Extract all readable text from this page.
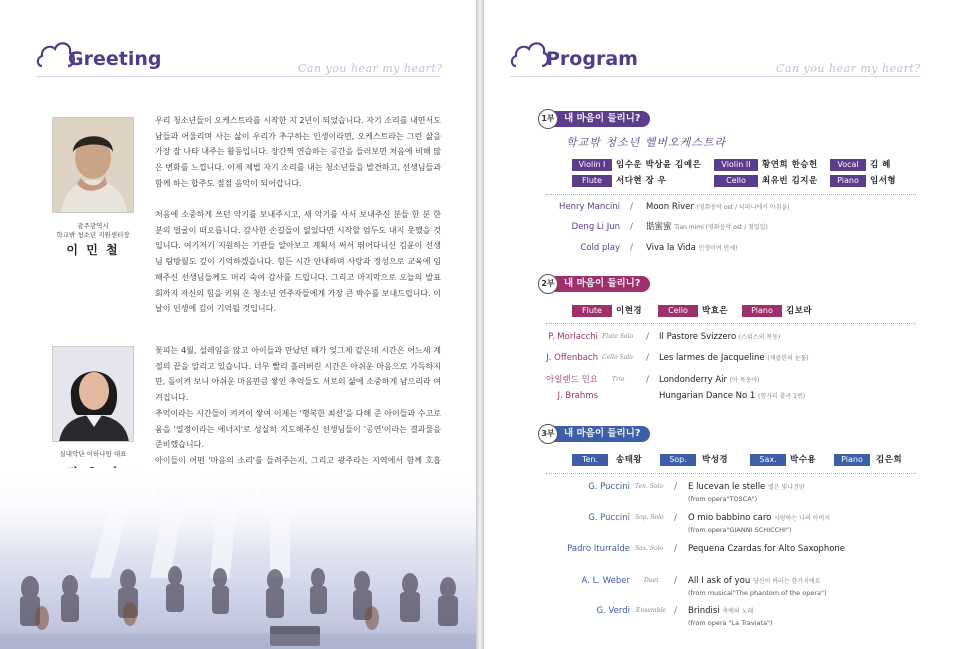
Greeting	Can you hear my heart?
광주광역시
학교밖 청소년 지원센터장
이 민 철
우리 청소년들이 오케스트라를 시작한 지 2년이 되었습니다. 자기 소리를 내면서도 남들과 어울리며 사는 삶이 우리가 추구하는 인생이라면, 오케스트라는 그런 삶을 가장 잘 나타 내주는 활동입니다. 장간찍 연습하는 공간을 들러보면 처음에 비해 많은 변화를 느낍니다. 이제 제법 자기 소리를 내는 청소년들을 발견하고, 선생님들과 함께 하는 합주도 점점 음악이 되어갑니다.
처음에 소중하게 쓰던 악기를 보내주시고, 새 악기를 사서 보내주신 분들 한 분 한 분의 얼굴이 떠오릅니다. 감사한 손길들이 없었다면 시작할 엄두도 내지 못했을 것입니다. 여기저기 지원하는 기관들 알아보고 계획서 써서 뛰어다니신 김윤이 선생님 탐방월도 깊이 기억하겠습니다. 힘든 시간 안내하며 사랑과 정성으로 교육에 임해주신 선생님들께도 머리 숙여 감사를 드립니다. 그리고 마지막으로 오늘의 발표회까지 자신의 힘을 키워 온 청소년 연주자들에게 가장 큰 박수를 보내드립니다. 이 날이 인생에 깊이 기억될 것입니다.
실내악단 이하나임 대표
꽃피는 4월, 설레임을 않고 아이들과 만났던 때가 엊그제 같은데 시간은 어느새 계절의 끝을 알리고 있습니다. 너무 빨리 흘러버린 시간은 아쉬운 마음으로 가득하지만, 돌이켜 보니 아쉬운 마음만큼 쌓인 추억들도 서로의 삶에 소중하게 남으리라 여겨집니다.
추억이라는 시간들이 켜켜이 쌓여 이제는 '행복한 최선'을 다해 준 아이들과 수고로움을 '열정이라는 에너지'로 성실히 지도해주신 선생님들이 '공연'이라는 결과물을 준비했습니다.
아이들이 어떤 '마음의 소리'를 들려주는지, 그리고 광주라는 지역에서 함께 호흡
Program	Can you hear my heart?
1부 내 마음이 들리니?
학교밖 청소년 헬버오케스트라
Violin I	임수운 박상윤 김예은	Violin II	황연희 한승헌	Vocal	김 혜
Flute	서다현 장 우	Cello	최유빈 김지운	Piano	임서형
Henry Mancini / Moon River (영화음악 ost / 티파니에서 아침을)
Deng Li Jun / 甛蜜蜜 Tian mimi (영화음악 ost / 첨밀밀)
Cold play / Viva la Vida 인생이여 만세!
2부 내 마음이 들리니?
Flute	이현경	Cello	박효은	Piano	김보라
P. Morlacchi Flute Solo / Il Pastore Svizzero (스위스의 목동)
J. Offenbach Cello Solo / Les larmes de Jacqueline (재클린의 눈물)
아일랜드 민요 Trio / Londonderry Air (아 목동아)
J. Brahms	Hungarian Dance No 1 (헝가리 춤곡 1번)
3부 내 마음이 들리니?
Ten.	송태왕	Sop.	박성경	Sax.	박수용	Piano	김은희
G. Puccini Ten. Solo / E lucevan le stelle 별은 빛나건만
(from opera"TOSCA")
G. Puccini Sop. Solo / O mio babbino caro 사랑하는 나의 아버지
(from opera"GIANNI SCHICCHI")
Padro Iturralde Sax. Solo / Pequena Czardas for Alto Saxophone
A. L. Weber Duet / All I ask of you 당신이 바라는 한가지에요
(from musical"The phantom of the opera")
G. Verdi Ensemble / Brindisi 축배의 노래
(from opera "La Traviata")
